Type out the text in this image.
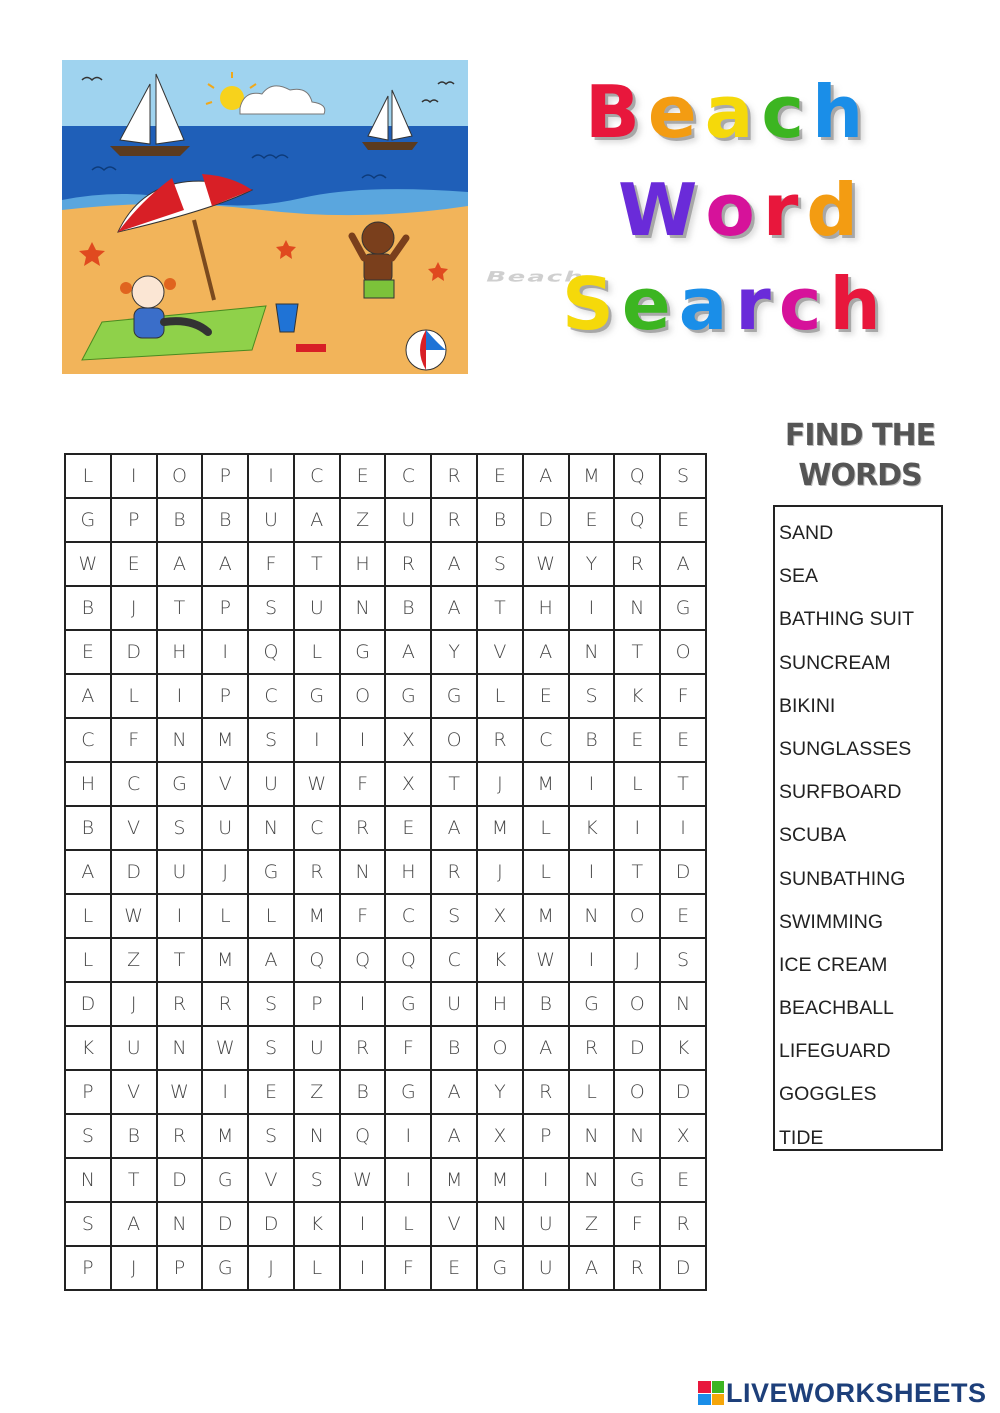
Beach
B e a c h
W o r d
S e a r c h
L	I	O	P	I	C	E	C	R	E	A	M	Q	S
G	P	B	B	U	A	Z	U	R	B	D	E	Q	E
W	E	A	A	F	T	H	R	A	S	W	Y	R	A
B	J	T	P	S	U	N	B	A	T	H	I	N	G
E	D	H	I	Q	L	G	A	Y	V	A	N	T	O
A	L	I	P	C	G	O	G	G	L	E	S	K	F
C	F	N	M	S	I	I	X	O	R	C	B	E	E
H	C	G	V	U	W	F	X	T	J	M	I	L	T
B	V	S	U	N	C	R	E	A	M	L	K	I	I
A	D	U	J	G	R	N	H	R	J	L	I	T	D
L	W	I	L	L	M	F	C	S	X	M	N	O	E
L	Z	T	M	A	Q	Q	Q	C	K	W	I	J	S
D	J	R	R	S	P	I	G	U	H	B	G	O	N
K	U	N	W	S	U	R	F	B	O	A	R	D	K
P	V	W	I	E	Z	B	G	A	Y	R	L	O	D
S	B	R	M	S	N	Q	I	A	X	P	N	N	X
N	T	D	G	V	S	W	I	M	M	I	N	G	E
S	A	N	D	D	K	I	L	V	N	U	Z	F	R
P	J	P	G	J	L	I	F	E	G	U	A	R	D
FIND THE
WORDS
SAND
SEA
BATHING SUIT
SUNCREAM
BIKINI
SUNGLASSES
SURFBOARD
SCUBA
SUNBATHING
SWIMMING
ICE CREAM
BEACHBALL
LIFEGUARD
GOGGLES
TIDE
LIVEWORKSHEETS
